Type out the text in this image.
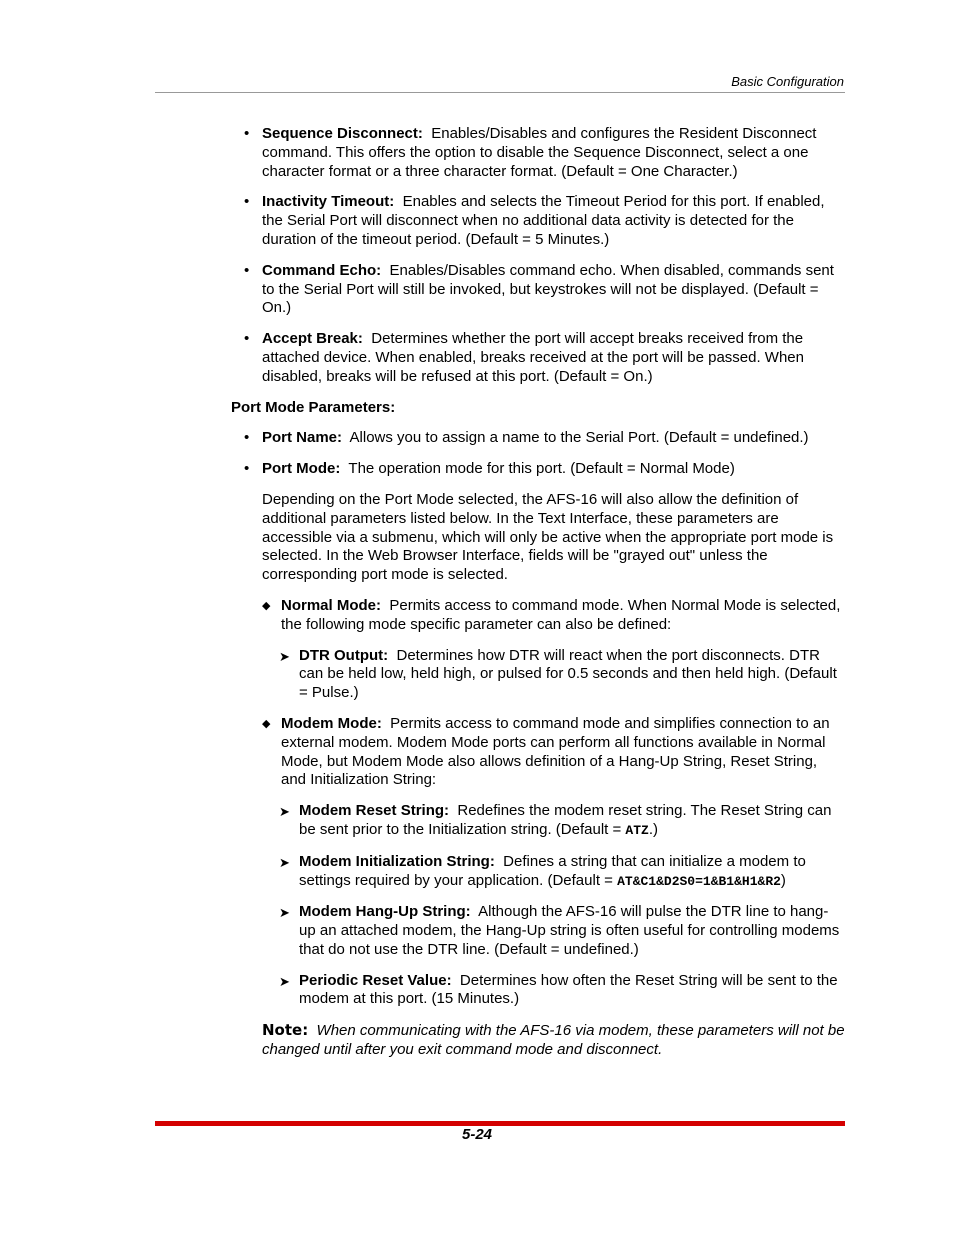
Basic Configuration
• Sequence Disconnect: Enables/Disables and configures the Resident Disconnect command. This offers the option to disable the Sequence Disconnect, select a one character format or a three character format. (Default = One Character.)
• Inactivity Timeout: Enables and selects the Timeout Period for this port. If enabled, the Serial Port will disconnect when no additional data activity is detected for the duration of the timeout period. (Default = 5 Minutes.)
• Command Echo: Enables/Disables command echo. When disabled, commands sent to the Serial Port will still be invoked, but keystrokes will not be displayed. (Default = On.)
• Accept Break: Determines whether the port will accept breaks received from the attached device. When enabled, breaks received at the port will be passed. When disabled, breaks will be refused at this port. (Default = On.)
Port Mode Parameters:
• Port Name: Allows you to assign a name to the Serial Port. (Default = undefined.)
• Port Mode: The operation mode for this port. (Default = Normal Mode)
Depending on the Port Mode selected, the AFS-16 will also allow the definition of additional parameters listed below. In the Text Interface, these parameters are accessible via a submenu, which will only be active when the appropriate port mode is selected. In the Web Browser Interface, fields will be "grayed out" unless the corresponding port mode is selected.
◆ Normal Mode: Permits access to command mode. When Normal Mode is selected, the following mode specific parameter can also be defined:
➤ DTR Output: Determines how DTR will react when the port disconnects. DTR can be held low, held high, or pulsed for 0.5 seconds and then held high. (Default = Pulse.)
◆ Modem Mode: Permits access to command mode and simplifies connection to an external modem. Modem Mode ports can perform all functions available in Normal Mode, but Modem Mode also allows definition of a Hang-Up String, Reset String, and Initialization String:
➤ Modem Reset String: Redefines the modem reset string. The Reset String can be sent prior to the Initialization string. (Default = ATZ.)
➤ Modem Initialization String: Defines a string that can initialize a modem to settings required by your application. (Default = AT&C1&D2S0=1&B1&H1&R2)
➤ Modem Hang-Up String: Although the AFS-16 will pulse the DTR line to hang-up an attached modem, the Hang-Up string is often useful for controlling modems that do not use the DTR line. (Default = undefined.)
➤ Periodic Reset Value: Determines how often the Reset String will be sent to the modem at this port. (15 Minutes.)
Note: When communicating with the AFS-16 via modem, these parameters will not be changed until after you exit command mode and disconnect.
5-24
